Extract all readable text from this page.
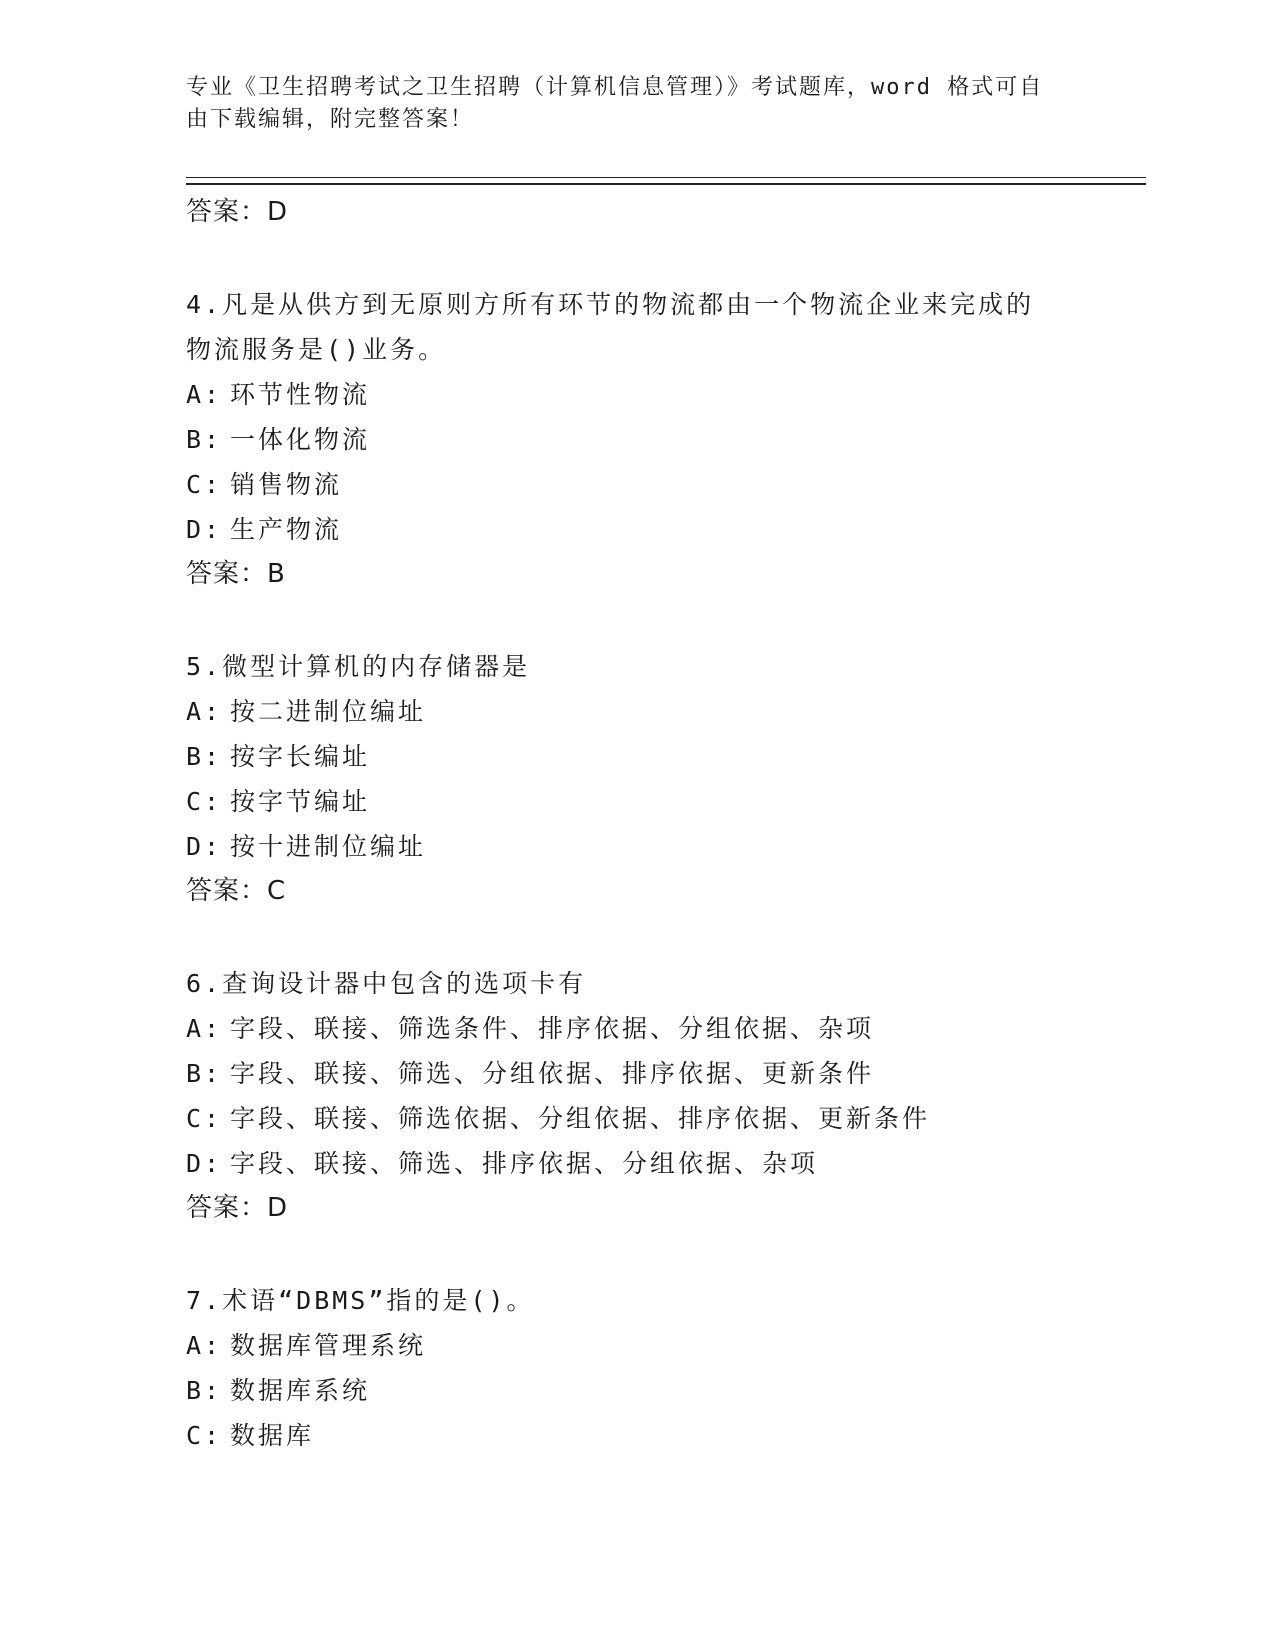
专业《卫生招聘考试之卫生招聘（计算机信息管理）》考试题库，word 格式可自
由下载编辑，附完整答案！
答案：D
4.凡是从供方到无原则方所有环节的物流都由一个物流企业来完成的
物流服务是()业务。
A: 环节性物流
B: 一体化物流
C: 销售物流
D: 生产物流
答案：B
5.微型计算机的内存储器是
A: 按二进制位编址
B: 按字长编址
C: 按字节编址
D: 按十进制位编址
答案：C
6.查询设计器中包含的选项卡有
A: 字段、联接、筛选条件、排序依据、分组依据、杂项
B: 字段、联接、筛选、分组依据、排序依据、更新条件
C: 字段、联接、筛选依据、分组依据、排序依据、更新条件
D: 字段、联接、筛选、排序依据、分组依据、杂项
答案：D
7.术语“DBMS”指的是()。
A: 数据库管理系统
B: 数据库系统
C: 数据库
